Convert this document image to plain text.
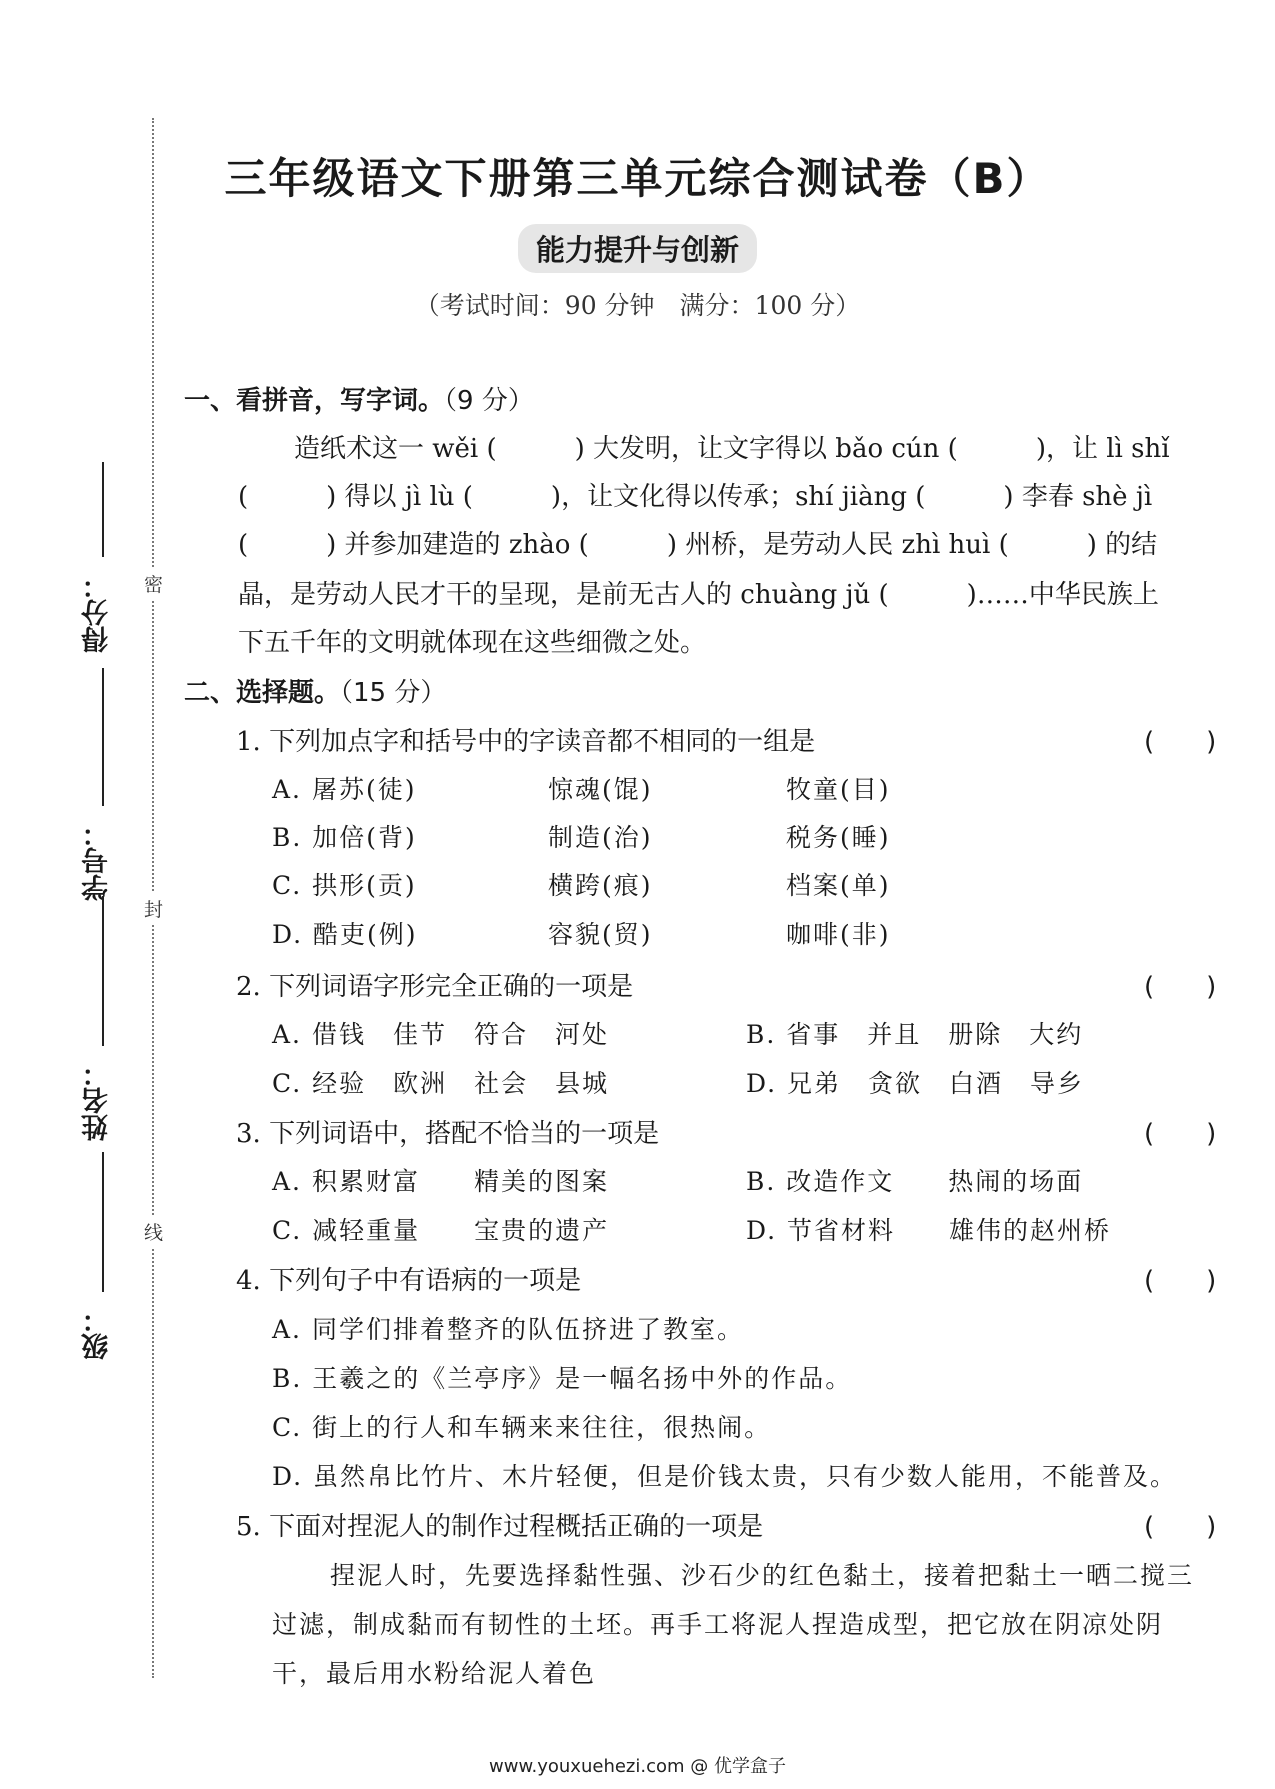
得分：
学号：
姓名：
级：
密
封
线
三年级语文下册第三单元综合测试卷（B）
能力提升与创新
（考试时间：90 分钟　满分：100 分）
一、看拼音，写字词。（9 分）
造纸术这一 wěi (　　　) 大发明，让文字得以 bǎo cún (　　　)，让 lì shǐ
(　　　) 得以 jì lù (　　　)，让文化得以传承；shí jiàng (　　　) 李春 shè jì
(　　　) 并参加建造的 zhào (　　　) 州桥，是劳动人民 zhì huì (　　　) 的结
晶，是劳动人民才干的呈现，是前无古人的 chuàng jǔ (　　　)……中华民族上
下五千年的文明就体现在这些细微之处。
二、选择题。（15 分）
1. 下列加点字和括号中的字读音都不相同的一组是	(　　)
A. 屠苏(徒)	惊魂(馄)	牧童(目)
B. 加倍(背)	制造(治)	税务(睡)
C. 拱形(贡)	横跨(痕)	档案(单)
D. 酷吏(例)	容貌(贸)	咖啡(非)
2. 下列词语字形完全正确的一项是	(　　)
A. 借钱　佳节　符合　河处	B. 省事　并且　册除　大约
C. 经验　欧洲　社会　县城	D. 兄弟　贪欲　白酒　导乡
3. 下列词语中，搭配不恰当的一项是	(　　)
A. 积累财富　　精美的图案	B. 改造作文　　热闹的场面
C. 减轻重量　　宝贵的遗产	D. 节省材料　　雄伟的赵州桥
4. 下列句子中有语病的一项是	(　　)
A. 同学们排着整齐的队伍挤进了教室。
B. 王羲之的《兰亭序》是一幅名扬中外的作品。
C. 街上的行人和车辆来来往往，很热闹。
D. 虽然帛比竹片、木片轻便，但是价钱太贵，只有少数人能用，不能普及。
5. 下面对捏泥人的制作过程概括正确的一项是	(　　)
捏泥人时，先要选择黏性强、沙石少的红色黏土，接着把黏土一晒二搅三
过滤，制成黏而有韧性的土坯。再手工将泥人捏造成型，把它放在阴凉处阴
干，最后用水粉给泥人着色
www.youxuehezi.com @ 优学盒子
